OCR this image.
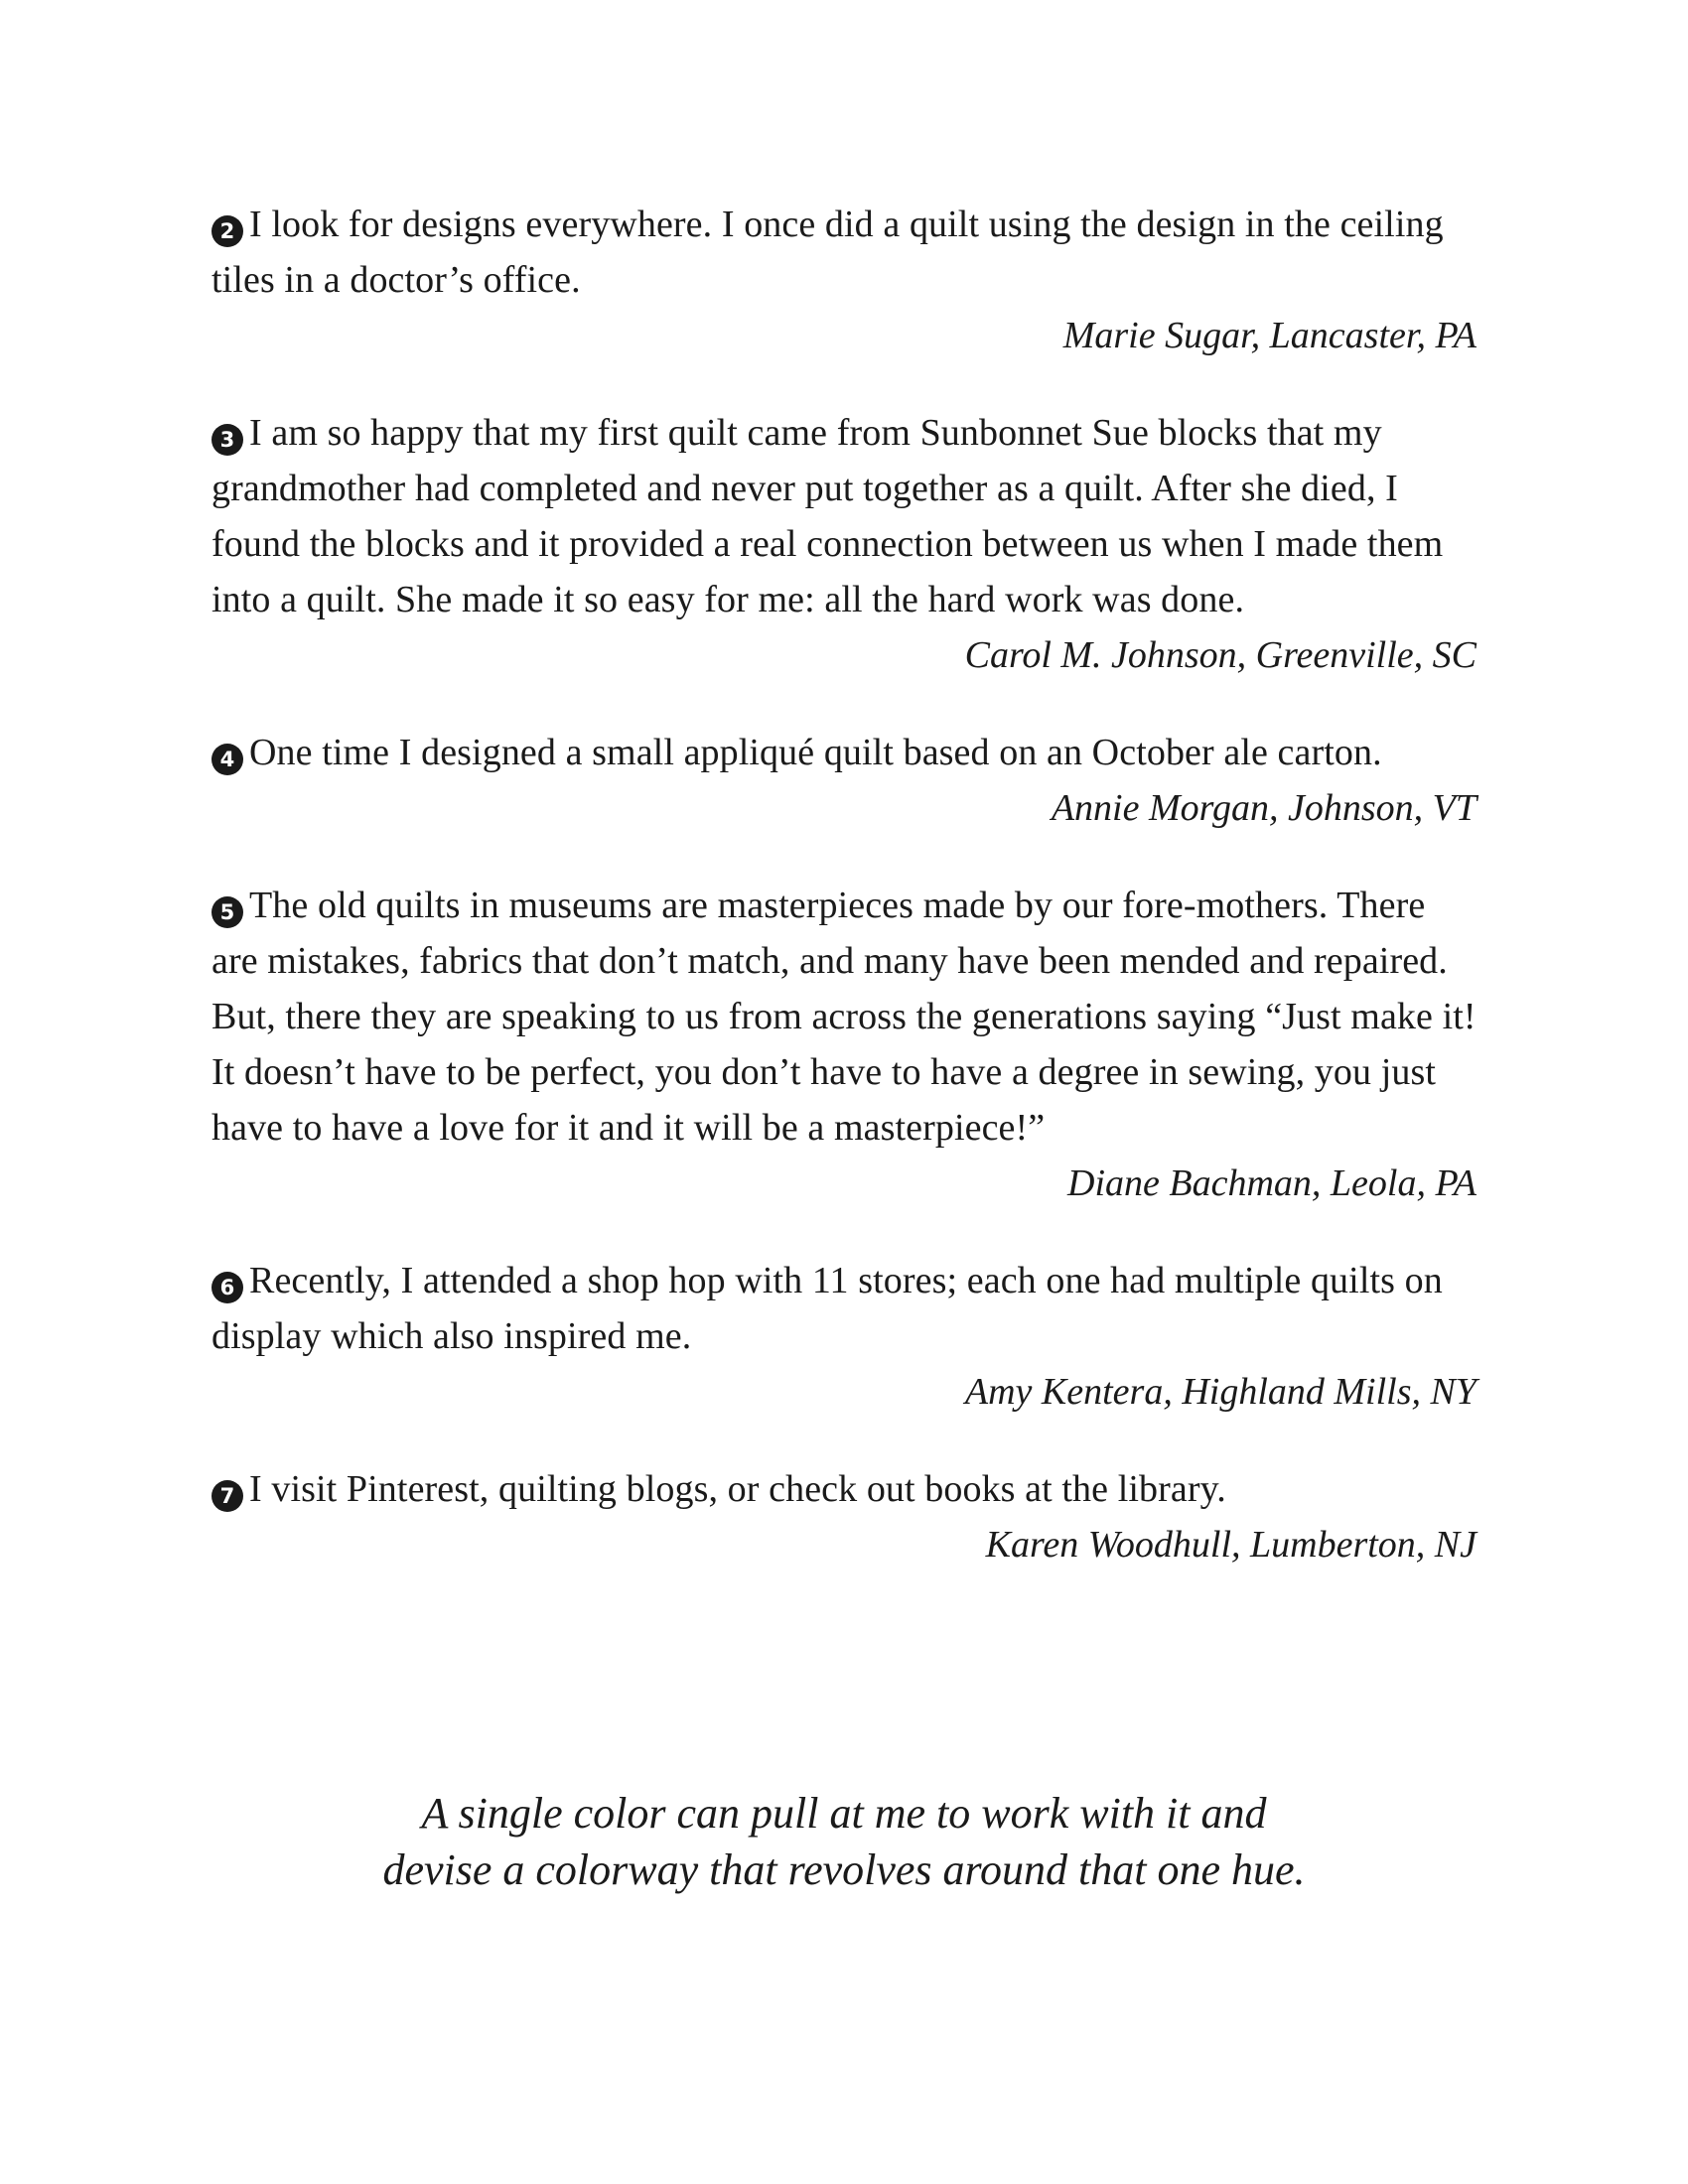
2 I look for designs everywhere. I once did a quilt using the design in the ceiling tiles in a doctor’s office.

Marie Sugar, Lancaster, PA

3 I am so happy that my first quilt came from Sunbonnet Sue blocks that my grandmother had completed and never put together as a quilt. After she died, I found the blocks and it provided a real connection between us when I made them into a quilt. She made it so easy for me: all the hard work was done.

Carol M. Johnson, Greenville, SC

4 One time I designed a small appliqué quilt based on an October ale carton.

Annie Morgan, Johnson, VT

5 The old quilts in museums are masterpieces made by our fore-mothers. There are mistakes, fabrics that don’t match, and many have been mended and repaired. But, there they are speaking to us from across the generations saying “Just make it! It doesn’t have to be perfect, you don’t have to have a degree in sewing, you just have to have a love for it and it will be a masterpiece!”

Diane Bachman, Leola, PA

6 Recently, I attended a shop hop with 11 stores; each one had multiple quilts on display which also inspired me.

Amy Kentera, Highland Mills, NY

7 I visit Pinterest, quilting blogs, or check out books at the library.

Karen Woodhull, Lumberton, NJ

A single color can pull at me to work with it and devise a colorway that revolves around that one hue.
